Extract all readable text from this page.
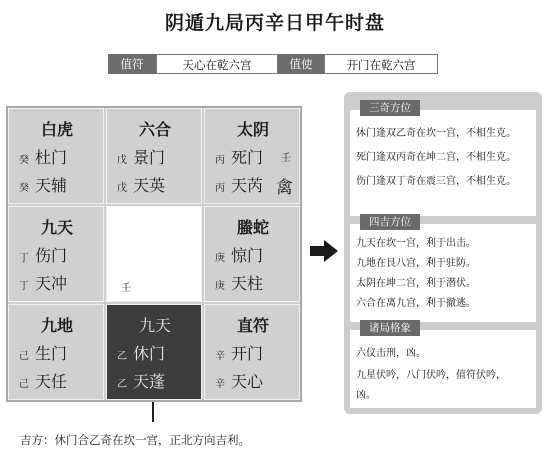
阴遁九局丙辛日甲午时盘
值符	天心在乾六宫	值使	开门在乾六宫
白虎
癸 杜门
癸 天辅
六合
戊 景门
戊 天英
太阴
丙 死门
丙 天芮
壬
禽
九天
丁 伤门
丁 天冲	壬
螣蛇
庚 惊门
庚 天柱
九地
己 生门
己 天任
九天
乙 休门
乙 天蓬
直符
辛 开门
辛 天心
三奇方位
休门逢双乙奇在坎一宫，不相生克。
死门逢双丙奇在坤二宫，不相生克。
伤门逢双丁奇在震三宫，不相生克。
四吉方位
九天在坎一宫，利于出击。
九地在艮八宫，利于驻防。
太阴在坤二宫，利于潜伏。
六合在离九宫，利于撤逃。
诸局格象
六仪击刑，凶。
九星伏吟，八门伏吟，值符伏吟，
凶。
吉方：休门合乙奇在坎一宫，正北方向吉利。
